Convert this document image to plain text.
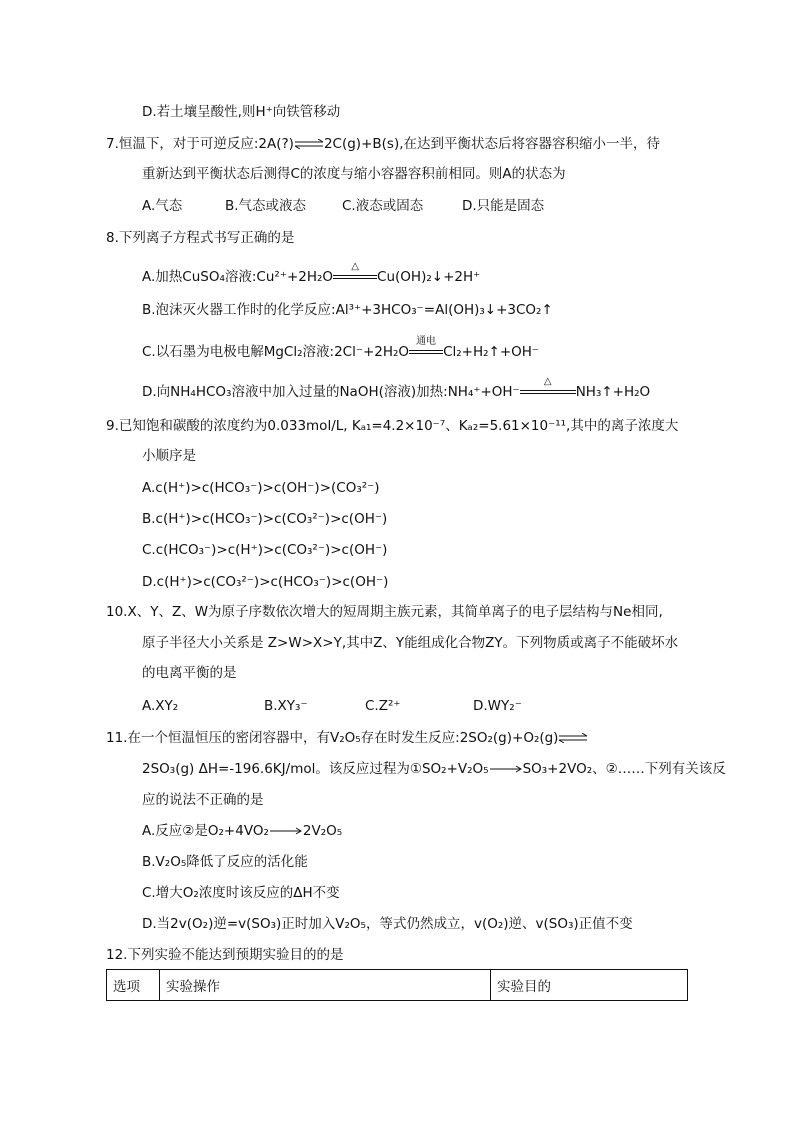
D.若土壤呈酸性,则H⁺向铁管移动
7.恒温下，对于可逆反应:2A(?)⇌2C(g)+B(s),在达到平衡状态后将容器容积缩小一半，待
重新达到平衡状态后测得C的浓度与缩小容器容积前相同。则A的状态为
A.气态	B.气态或液态	C.液态或固态	D.只能是固态
8.下列离子方程式书写正确的是
A.加热CuSO₄溶液:Cu²⁺+2H₂O
△
Cu(OH)₂↓+2H⁺
B.泡沫灭火器工作时的化学反应:Al³⁺+3HCO₃⁻=Al(OH)₃↓+3CO₂↑
C.以石墨为电极电解MgCl₂溶液:2Cl⁻+2H₂O
通电
Cl₂+H₂↑+OH⁻
D.向NH₄HCO₃溶液中加入过量的NaOH(溶液)加热:NH₄⁺+OH⁻
△
NH₃↑+H₂O
9.已知饱和碳酸的浓度约为0.033mol/L, Kₐ₁=4.2×10⁻⁷、Kₐ₂=5.61×10⁻¹¹,其中的离子浓度大
小顺序是
A.c(H⁺)>c(HCO₃⁻)>c(OH⁻)>(CO₃²⁻)
B.c(H⁺)>c(HCO₃⁻)>c(CO₃²⁻)>c(OH⁻)
C.c(HCO₃⁻)>c(H⁺)>c(CO₃²⁻)>c(OH⁻)
D.c(H⁺)>c(CO₃²⁻)>c(HCO₃⁻)>c(OH⁻)
10.X、Y、Z、W为原子序数依次增大的短周期主族元素，其简单离子的电子层结构与Ne相同,
原子半径大小关系是 Z>W>X>Y,其中Z、Y能组成化合物ZY。下列物质或离子不能破坏水
的电离平衡的是
A.XY₂	B.XY₃⁻	C.Z²⁺	D.WY₂⁻
11.在一个恒温恒压的密闭容器中，有V₂O₅存在时发生反应:2SO₂(g)+O₂(g)⇌
2SO₃(g) ΔH=-196.6KJ/mol。该反应过程为①SO₂+V₂O₅	SO₃+2VO₂、②……下列有关该反
应的说法不正确的是
A.反应②是O₂+4VO₂	2V₂O₅
B.V₂O₅降低了反应的活化能
C.增大O₂浓度时该反应的ΔH不变
D.当2v(O₂)逆=v(SO₃)正时加入V₂O₅，等式仍然成立，v(O₂)逆、v(SO₃)正值不变
12.下列实验不能达到预期实验目的的是
选项	实验操作	实验目的
